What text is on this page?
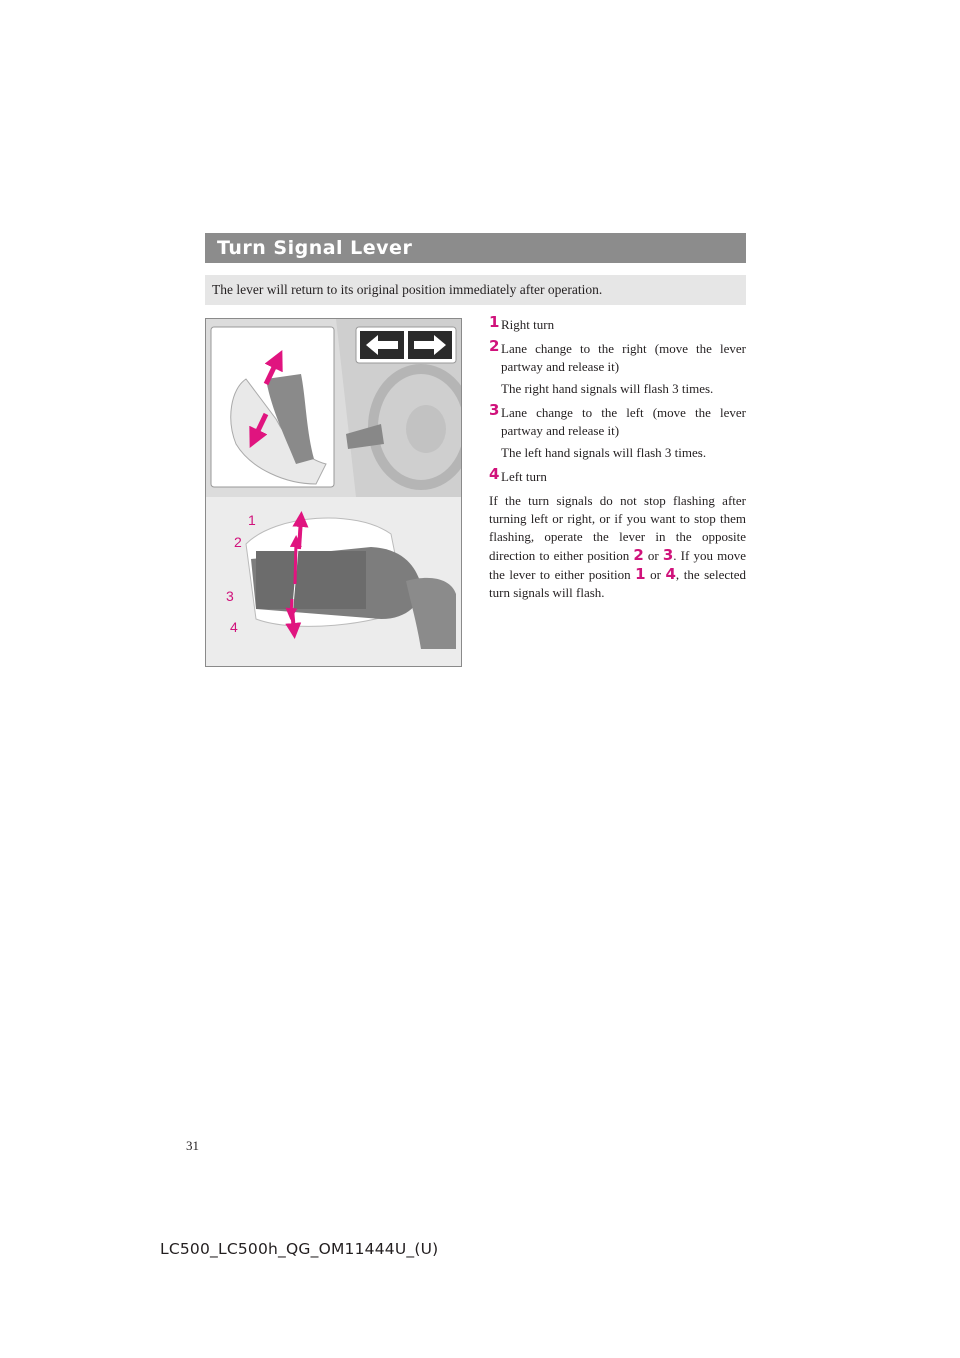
Turn Signal Lever
The lever will return to its original position immediately after operation.
1
2
3
4
1 Right turn
2 Lane change to the right (move the lever partway and release it)
The right hand signals will flash 3 times.
3 Lane change to the left (move the lever partway and release it)
The left hand signals will flash 3 times.
4 Left turn

If the turn signals do not stop flashing after turning left or right, or if you want to stop them flashing, operate the lever in the opposite direction to either position 2 or 3. If you move the lever to either position 1 or 4, the selected turn signals will flash.

31
LC500_LC500h_QG_OM11444U_(U)
